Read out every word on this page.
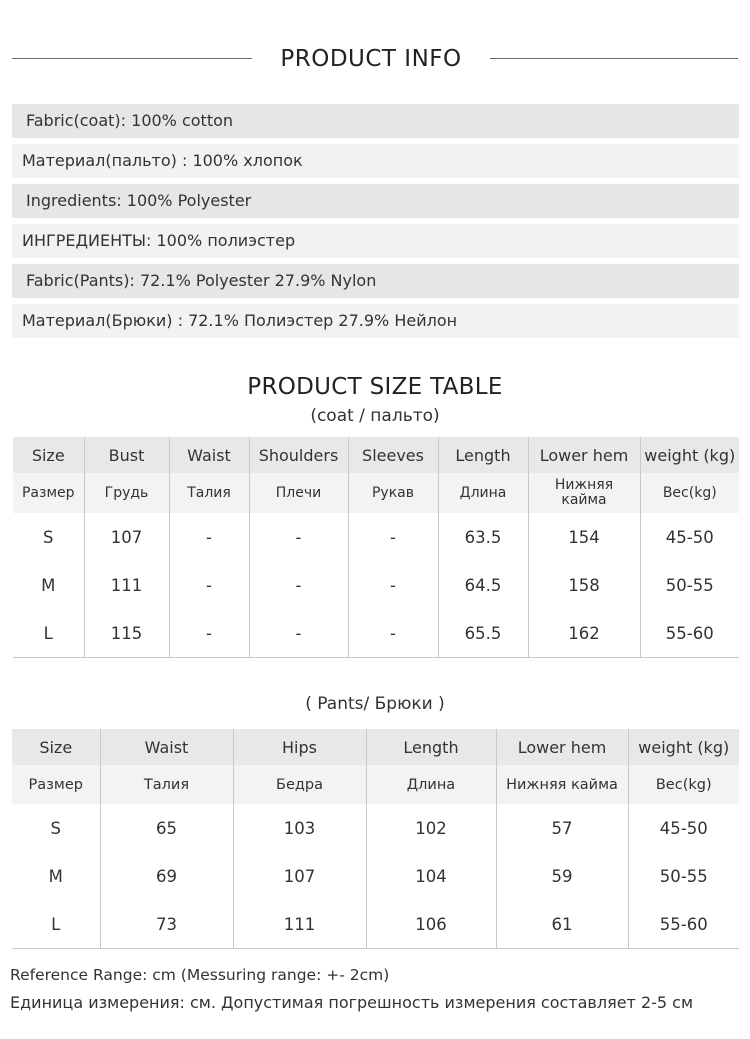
PRODUCT INFO
Fabric(coat): 100% cotton
Материал(пальто) : 100% хлопок
Ingredients: 100% Polyester
ИНГРЕДИЕНТЫ: 100% полиэстер
Fabric(Pants): 72.1% Polyester 27.9% Nylon
Материал(Брюки) : 72.1% Полиэстер 27.9% Нейлон
PRODUCT SIZE TABLE
(coat / пальто)
Size	Bust	Waist	Shoulders	Sleeves	Length	Lower hem	weight (kg)
Размер	Грудь	Талия	Плечи	Рукав	Длина	Нижняя кайма	Вес(kg)
S	107	-	-	-	63.5	154	45-50
M	111	-	-	-	64.5	158	50-55
L	115	-	-	-	65.5	162	55-60
( Pants/ Брюки )
Size	Waist	Hips	Length	Lower hem	weight (kg)
Размер	Талия	Бедра	Длина	Нижняя кайма	Вес(kg)
S	65	103	102	57	45-50
M	69	107	104	59	50-55
L	73	111	106	61	55-60
Reference Range: cm (Messuring range: +- 2cm)
Единица измерения: см. Допустимая погрешность измерения составляет 2-5 см
